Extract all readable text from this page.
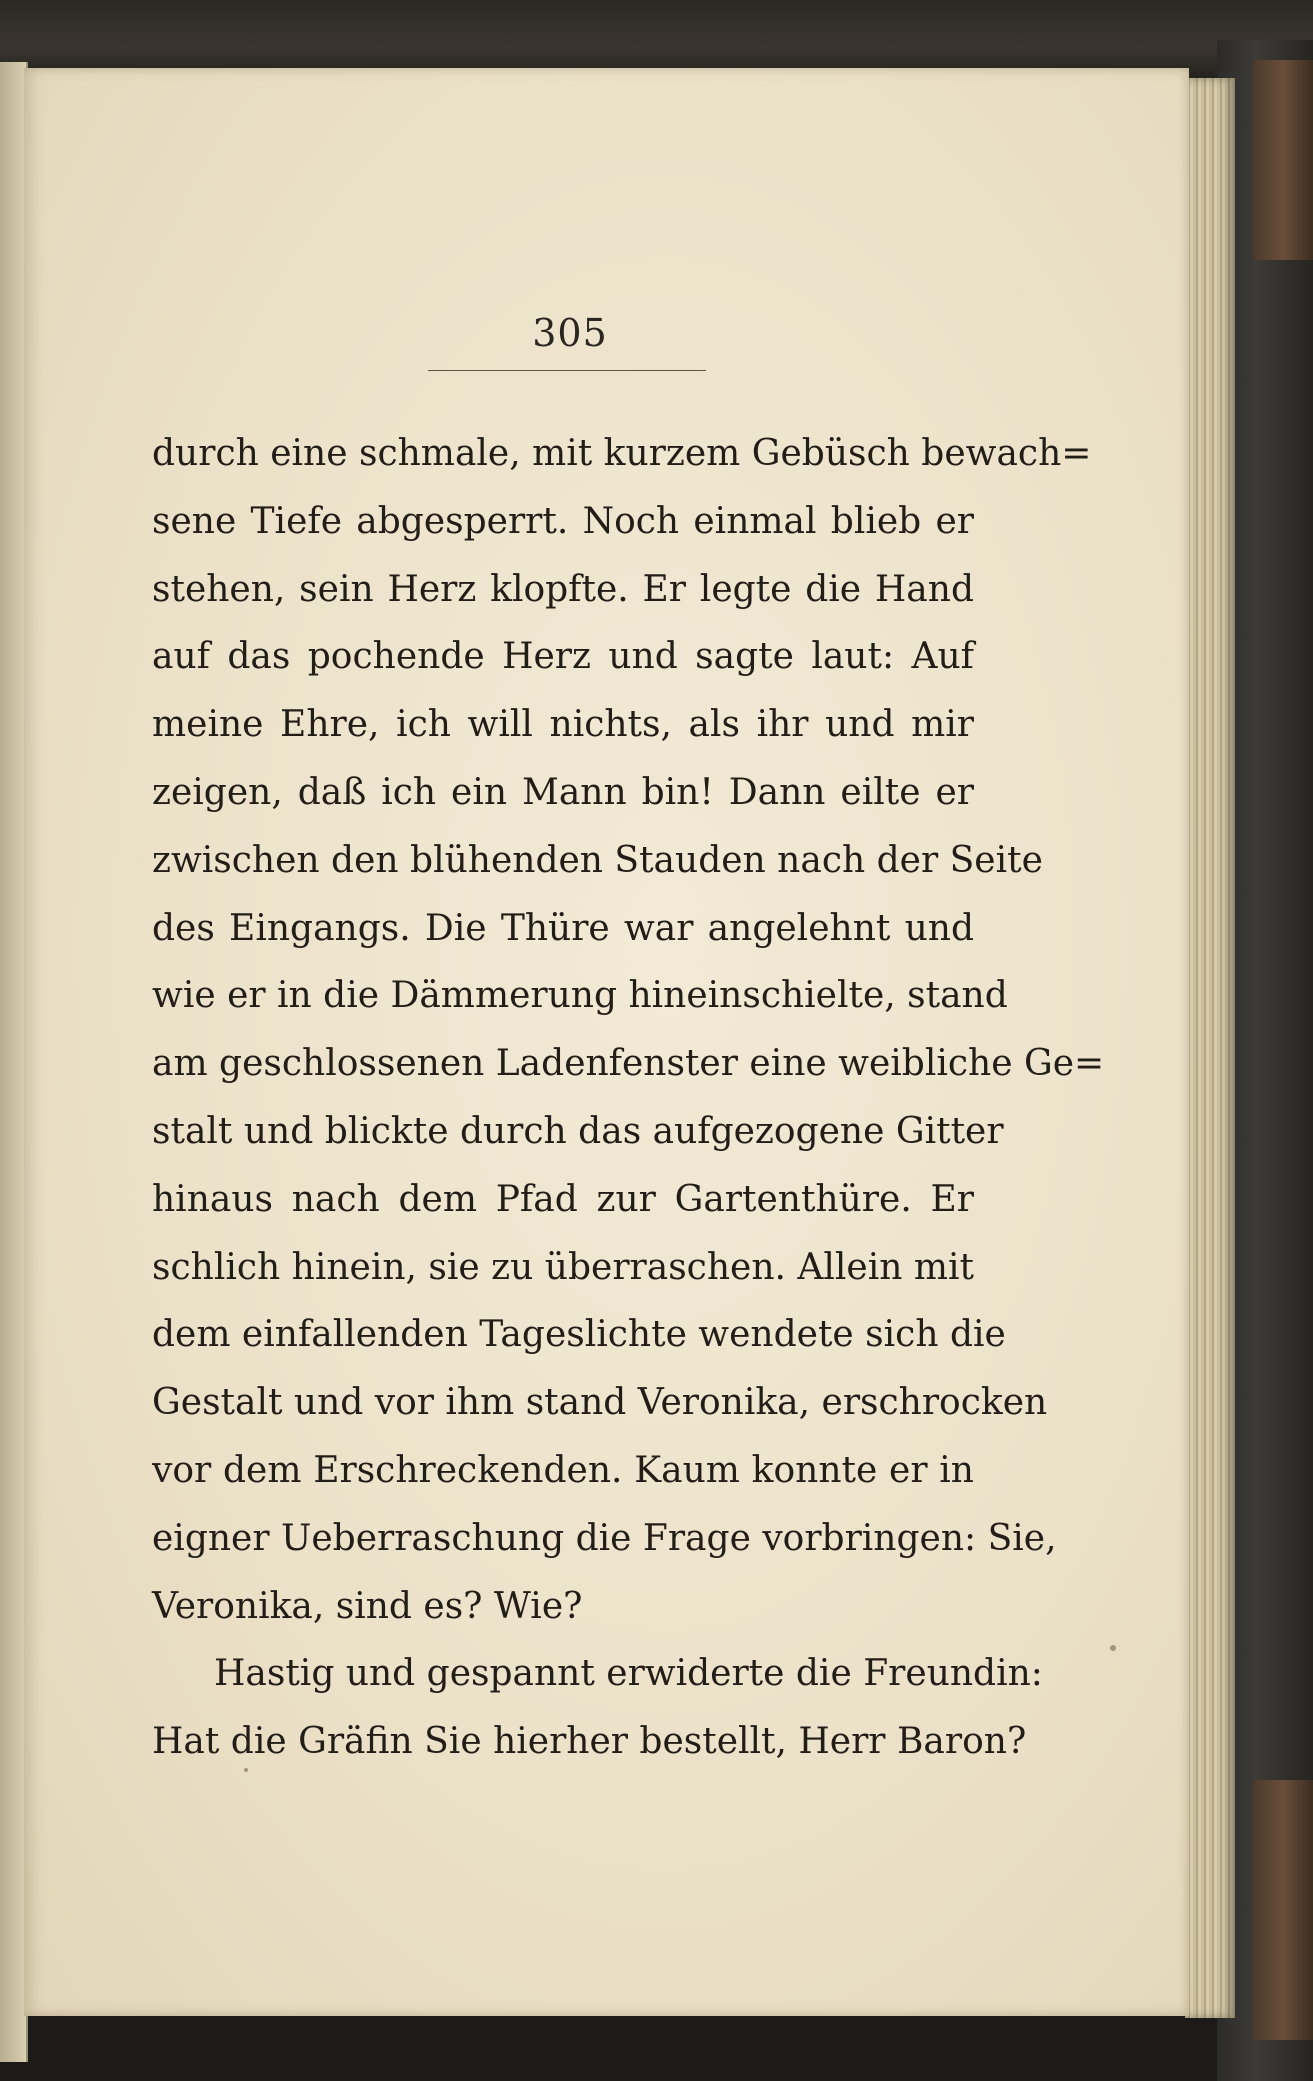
305
durch eine schmale, mit kurzem Gebüsch bewach=
sene Tiefe abgesperrt. Noch einmal blieb er
stehen, sein Herz klopfte. Er legte die Hand
auf das pochende Herz und sagte laut: Auf
meine Ehre, ich will nichts, als ihr und mir
zeigen, daß ich ein Mann bin! Dann eilte er
zwischen den blühenden Stauden nach der Seite
des Eingangs. Die Thüre war angelehnt und
wie er in die Dämmerung hineinschielte, stand
am geschlossenen Ladenfenster eine weibliche Ge=
stalt und blickte durch das aufgezogene Gitter
hinaus nach dem Pfad zur Gartenthüre. Er
schlich hinein, sie zu überraschen. Allein mit
dem einfallenden Tageslichte wendete sich die
Gestalt und vor ihm stand Veronika, erschrocken
vor dem Erschreckenden. Kaum konnte er in
eigner Ueberraschung die Frage vorbringen: Sie,
Veronika, sind es? Wie?
Hastig und gespannt erwiderte die Freundin:
Hat die Gräfin Sie hierher bestellt, Herr Baron?
